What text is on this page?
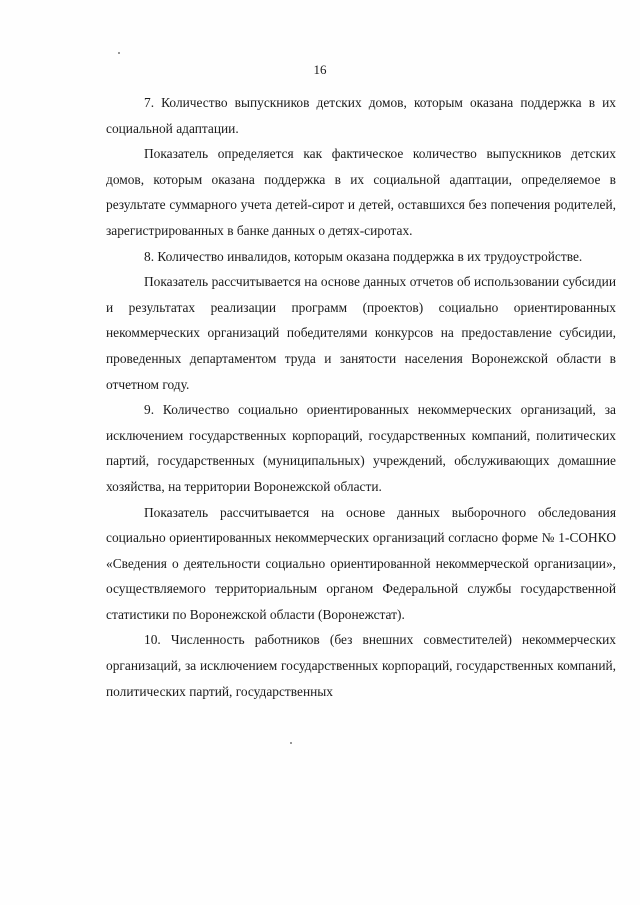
16

7. Количество выпускников детских домов, которым оказана поддержка в их социальной адаптации.

Показатель определяется как фактическое количество выпускников детских домов, которым оказана поддержка в их социальной адаптации, определяемое в результате суммарного учета детей-сирот и детей, оставшихся без попечения родителей, зарегистрированных в банке данных о детях-сиротах.

8. Количество инвалидов, которым оказана поддержка в их трудоустройстве.

Показатель рассчитывается на основе данных отчетов об использовании субсидии и результатах реализации программ (проектов) социально ориентированных некоммерческих организаций победителями конкурсов на предоставление субсидии, проведенных департаментом труда и занятости населения Воронежской области в отчетном году.

9. Количество социально ориентированных некоммерческих организаций, за исключением государственных корпораций, государственных компаний, политических партий, государственных (муниципальных) учреждений, обслуживающих домашние хозяйства, на территории Воронежской области.

Показатель рассчитывается на основе данных выборочного обследования социально ориентированных некоммерческих организаций согласно форме № 1-СОНКО «Сведения о деятельности социально ориентированной некоммерческой организации», осуществляемого территориальным органом Федеральной службы государственной статистики по Воронежской области (Воронежстат).

10. Численность работников (без внешних совместителей) некоммерческих организаций, за исключением государственных корпораций, государственных компаний, политических партий, государственных
